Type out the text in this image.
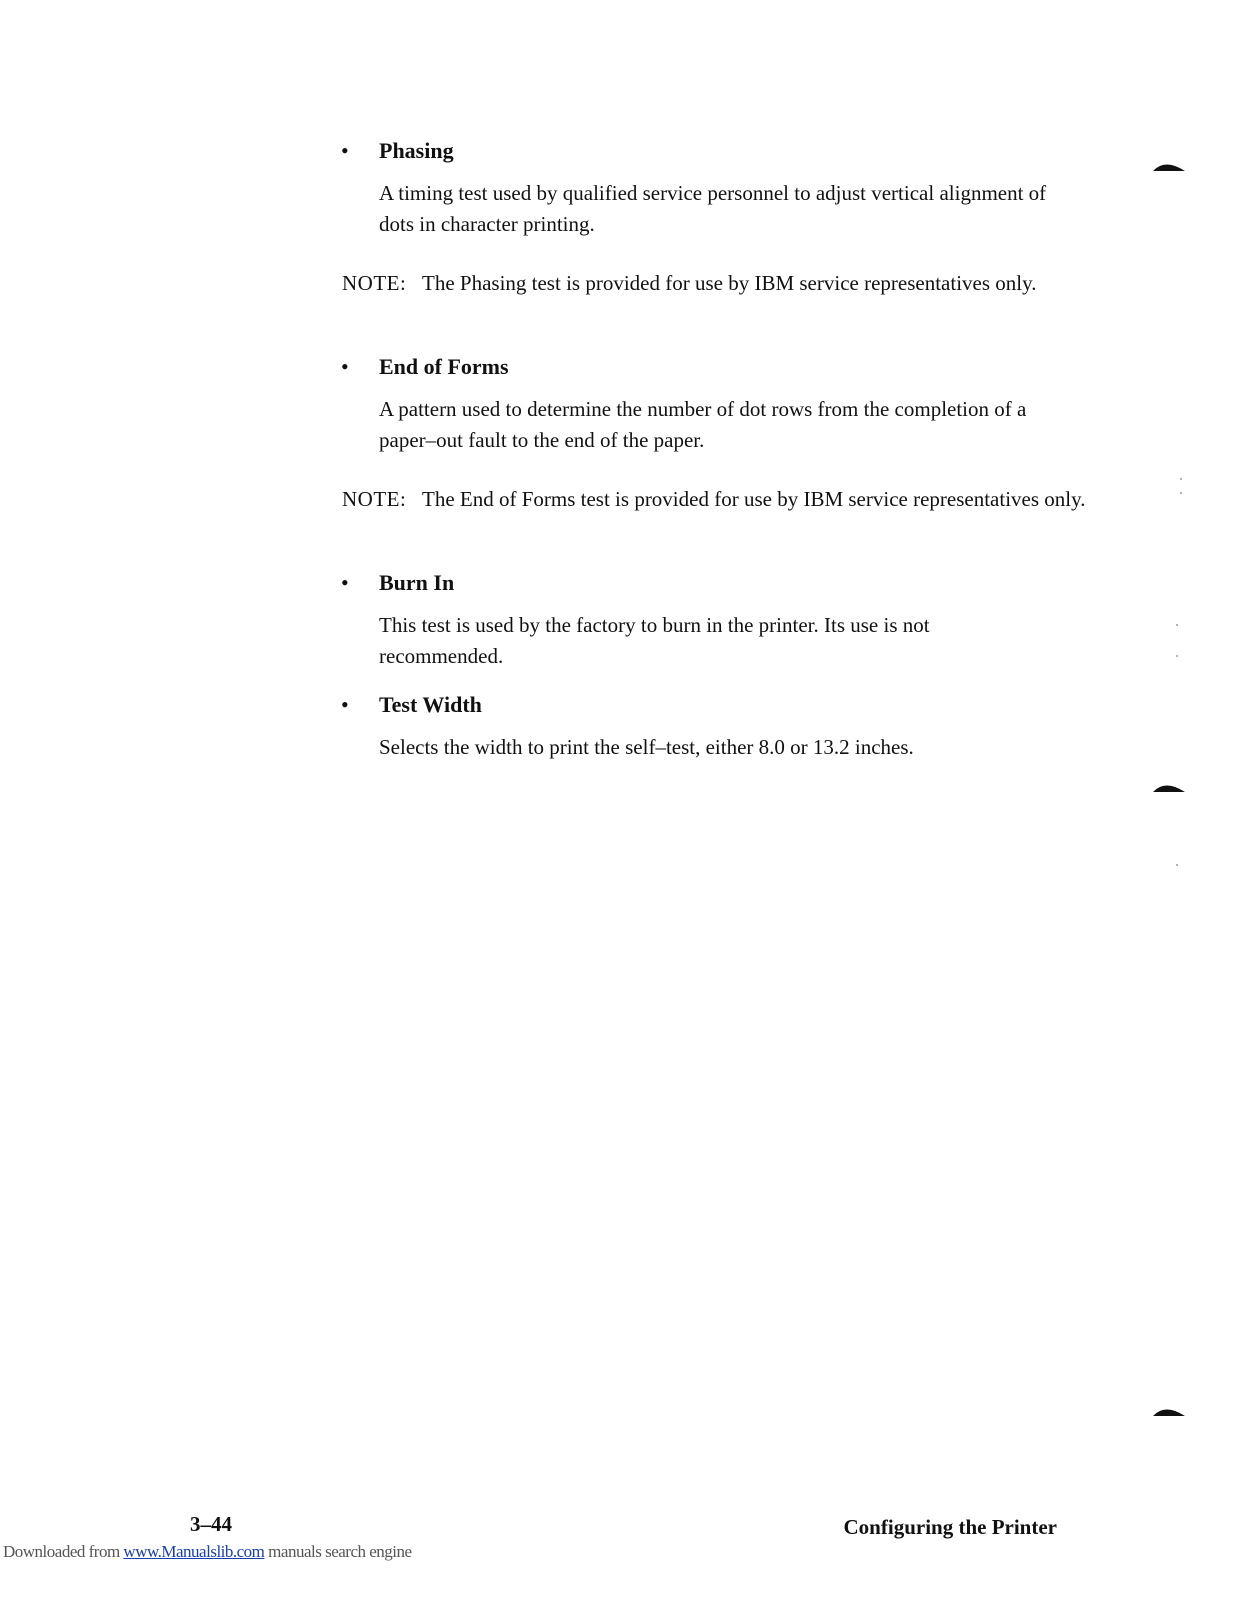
•	Phasing
A timing test used by qualified service personnel to adjust vertical alignment of dots in character printing.
NOTE: The Phasing test is provided for use by IBM service representatives only.
•	End of Forms
A pattern used to determine the number of dot rows from the completion of a paper–out fault to the end of the paper.
NOTE: The End of Forms test is provided for use by IBM service representatives only.
•	Burn In
This test is used by the factory to burn in the printer. Its use is not recommended.
•	Test Width
Selects the width to print the self–test, either 8.0 or 13.2 inches.
3–44	Configuring the Printer
Downloaded from www.Manualslib.com manuals search engine
